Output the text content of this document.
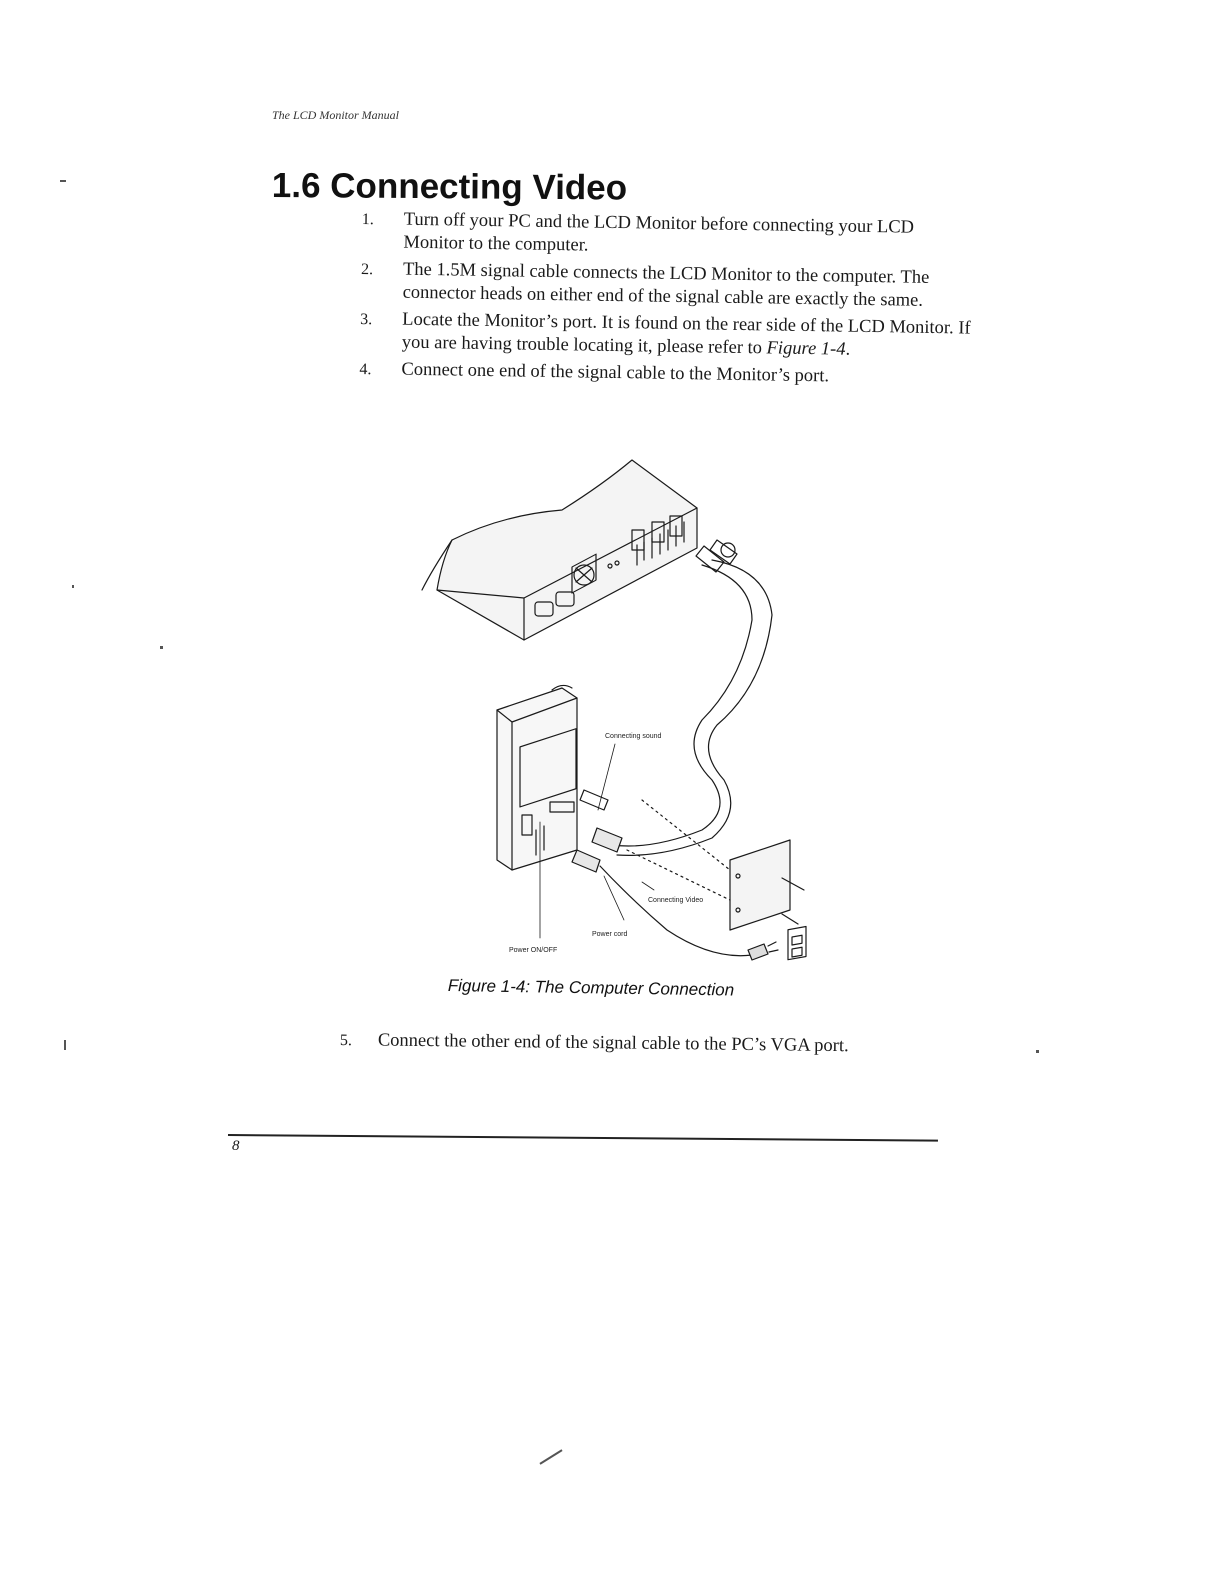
The LCD Monitor Manual
1.6 Connecting Video
1. Turn off your PC and the LCD Monitor before connecting your LCD Monitor to the computer.
2. The 1.5M signal cable connects the LCD Monitor to the computer. The connector heads on either end of the signal cable are exactly the same.
3. Locate the Monitor’s port. It is found on the rear side of the LCD Monitor. If you are having trouble locating it, please refer to Figure 1-4.
4. Connect one end of the signal cable to the Monitor’s port.
Connecting sound
Connecting Video
Power cord
Power ON/OFF
Figure 1-4: The Computer Connection
5. Connect the other end of the signal cable to the PC’s VGA port.
8
